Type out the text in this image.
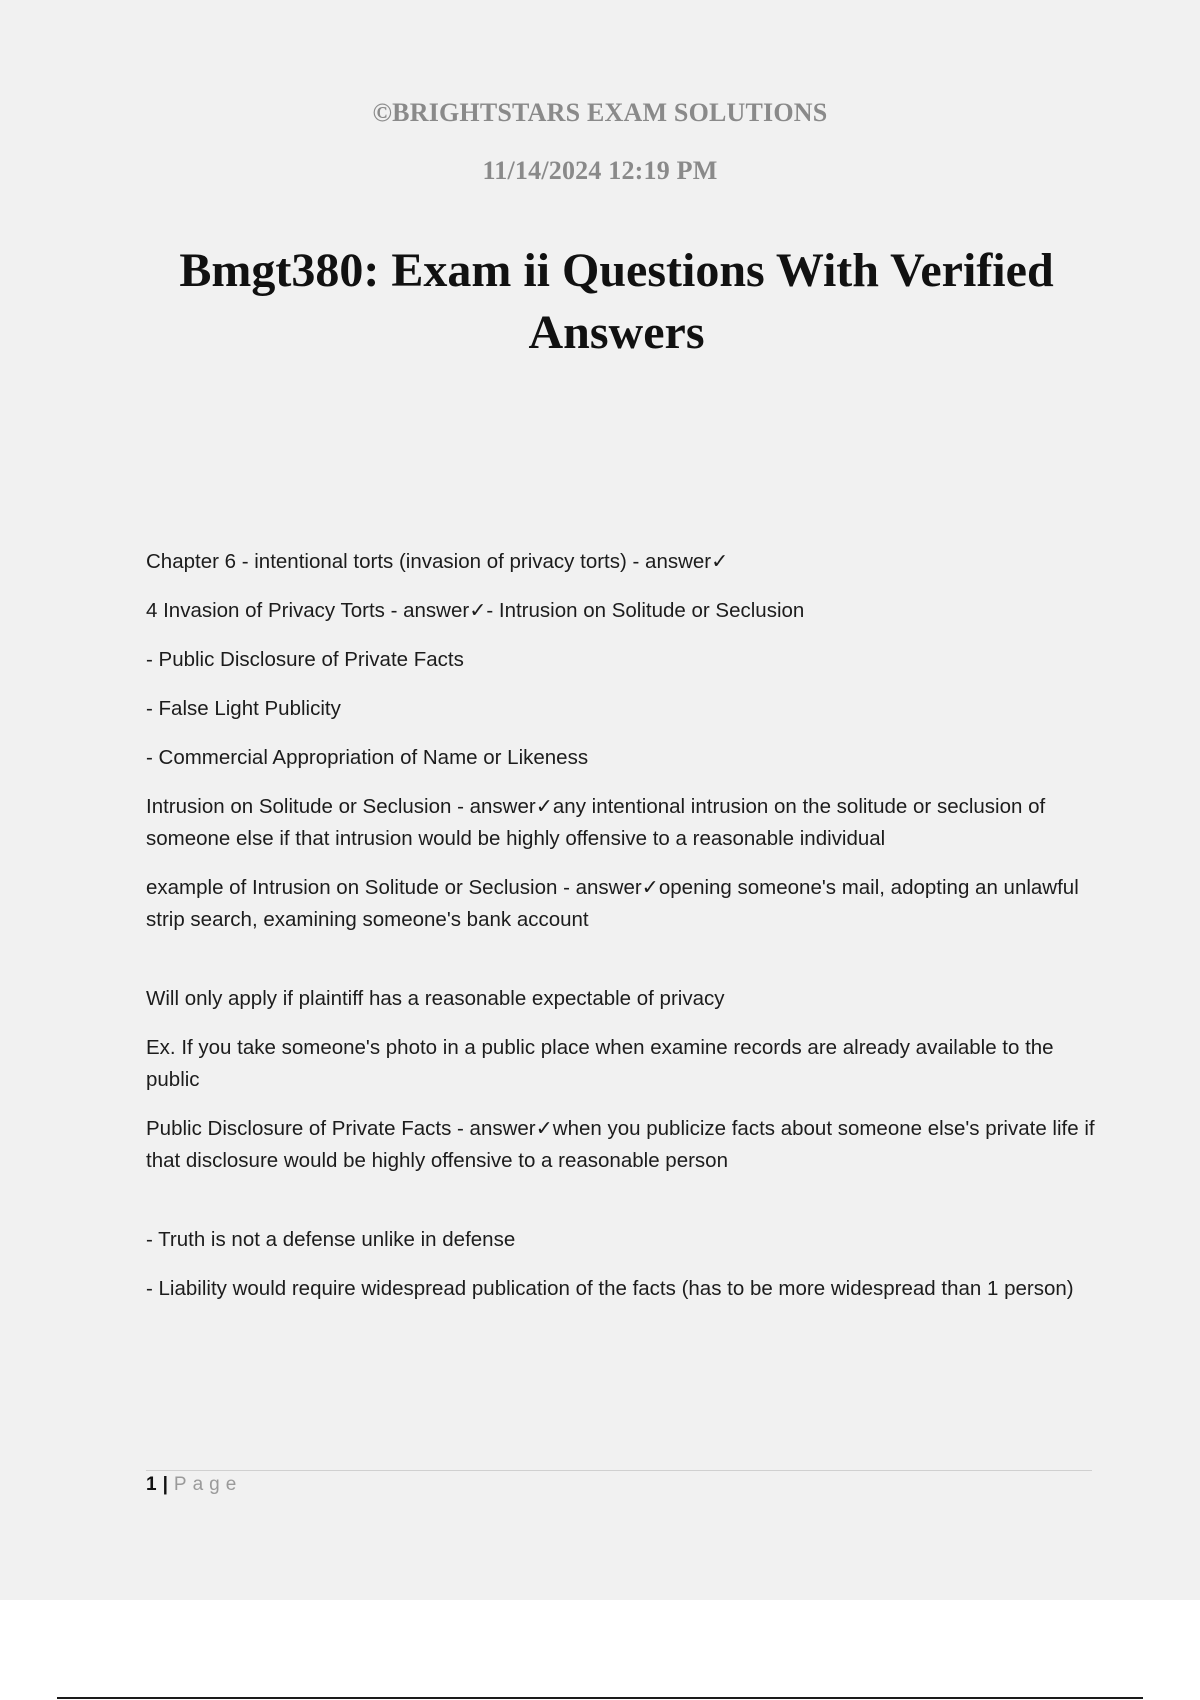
©BRIGHTSTARS EXAM SOLUTIONS
11/14/2024 12:19 PM
Bmgt380: Exam ii Questions With Verified Answers

Chapter 6 - intentional torts (invasion of privacy torts) - answer✓

4 Invasion of Privacy Torts - answer✓- Intrusion on Solitude or Seclusion

- Public Disclosure of Private Facts

- False Light Publicity

- Commercial Appropriation of Name or Likeness

Intrusion on Solitude or Seclusion - answer✓any intentional intrusion on the solitude or seclusion of someone else if that intrusion would be highly offensive to a reasonable individual

example of Intrusion on Solitude or Seclusion - answer✓opening someone's mail, adopting an unlawful strip search, examining someone's bank account

Will only apply if plaintiff has a reasonable expectable of privacy

Ex. If you take someone's photo in a public place when examine records are already available to the public

Public Disclosure of Private Facts - answer✓when you publicize facts about someone else's private life if that disclosure would be highly offensive to a reasonable person

- Truth is not a defense unlike in defense

- Liability would require widespread publication of the facts (has to be more widespread than 1 person)

1 | Page
